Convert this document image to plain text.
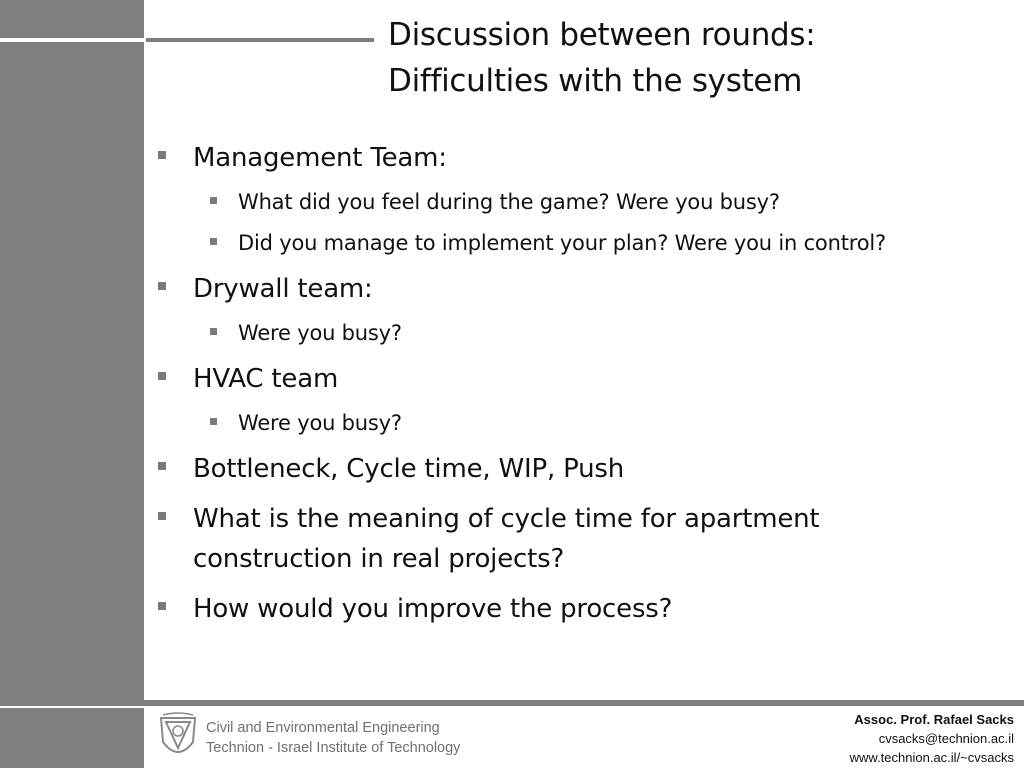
Discussion between rounds:
Difficulties with the system
Management Team:
What did you feel during the game? Were you busy?
Did you manage to implement your plan? Were you in control?
Drywall team:
Were you busy?
HVAC team
Were you busy?
Bottleneck, Cycle time, WIP, Push
What is the meaning of cycle time for apartment construction in real projects?
How would you improve the process?
Civil and Environmental Engineering
Technion - Israel Institute of Technology
Assoc. Prof. Rafael Sacks
cvsacks@technion.ac.il
www.technion.ac.il/~cvsacks
